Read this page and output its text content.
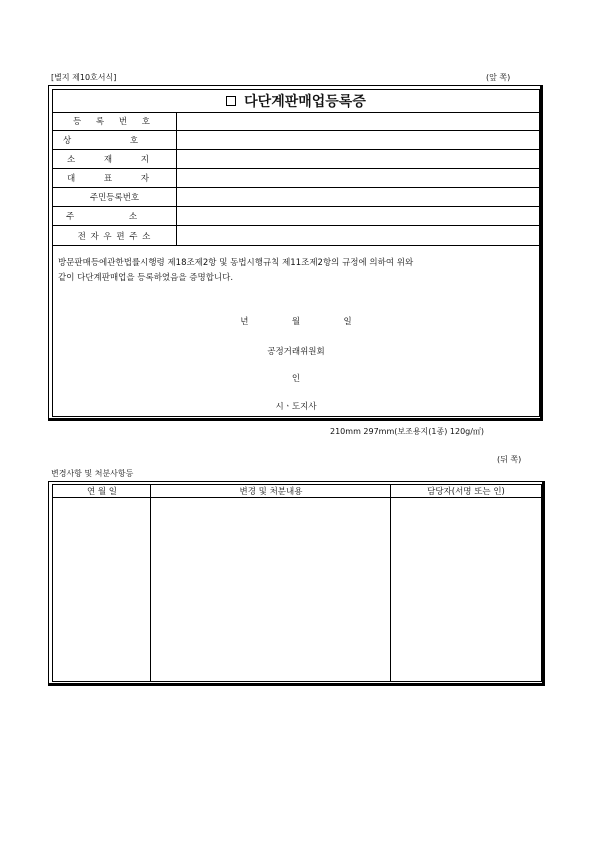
[별지 제10호서식]	(앞 쪽)
다단계판매업등록증
등 록 번 호
상 호
소 재 지
대 표 자
주민등록번호
주 소
전 자 우 편 주 소
방문판매등에관한법률시행령 제18조제2항 및 동법시행규칙 제11조제2항의 규정에 의하여 위와
같이 다단계판매업을 등록하였음을 증명합니다.
년	월	일
공정거래위원회
인
시ㆍ도지사
210mm 297mm(보조용지(1종) 120g/㎡)
(뒤 쪽)
변경사항 및 처분사항등
연 월 일	변경 및 처분내용	담당자(서명 또는 인)
